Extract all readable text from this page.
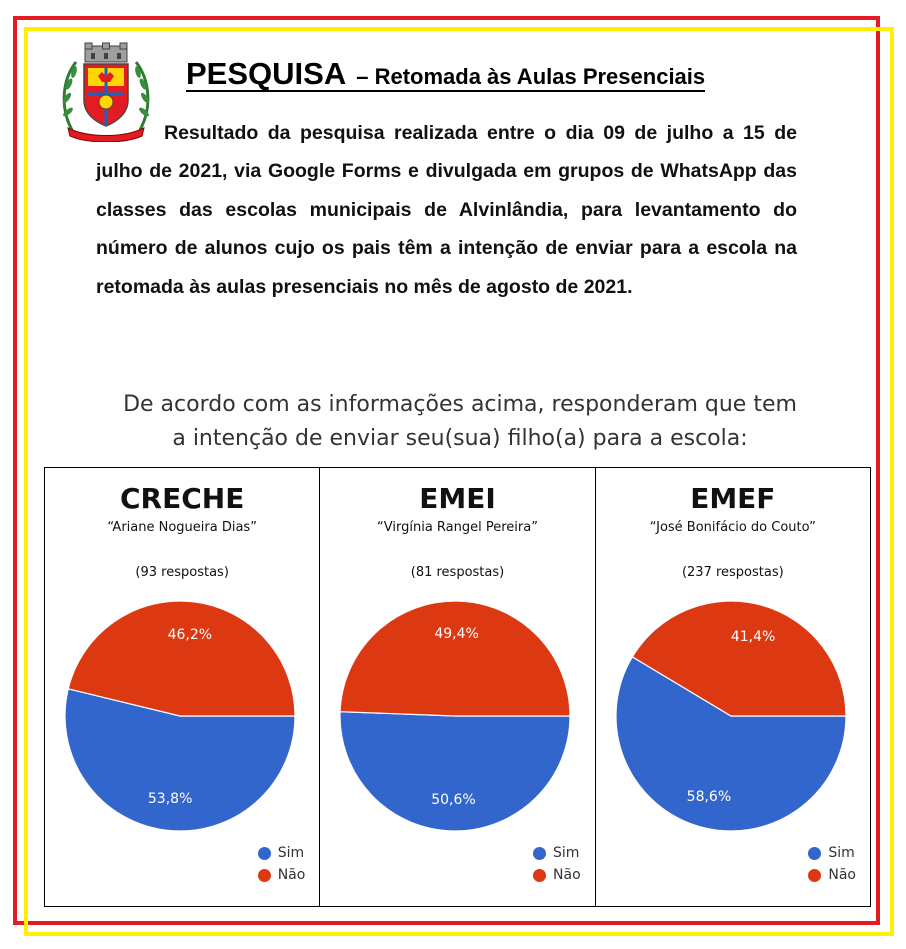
PESQUISA – Retomada às Aulas Presenciais

Resultado da pesquisa realizada entre o dia 09 de julho a 15 de julho de 2021, via Google Forms e divulgada em grupos de WhatsApp das classes das escolas municipais de Alvinlândia, para levantamento do número de alunos cujo os pais têm a intenção de enviar para a escola na retomada às aulas presenciais no mês de agosto de 2021.

De acordo com as informações acima, responderam que tem
a intenção de enviar seu(sua) filho(a) para a escola:
CRECHE
“Ariane Nogueira Dias”
(93 respostas)
53,8%
46,2%
Sim
Não
EMEI
“Virgínia Rangel Pereira”
(81 respostas)
50,6%
49,4%
Sim
Não
EMEF
“José Bonifácio do Couto”
(237 respostas)
58,6%
41,4%
Sim
Não
